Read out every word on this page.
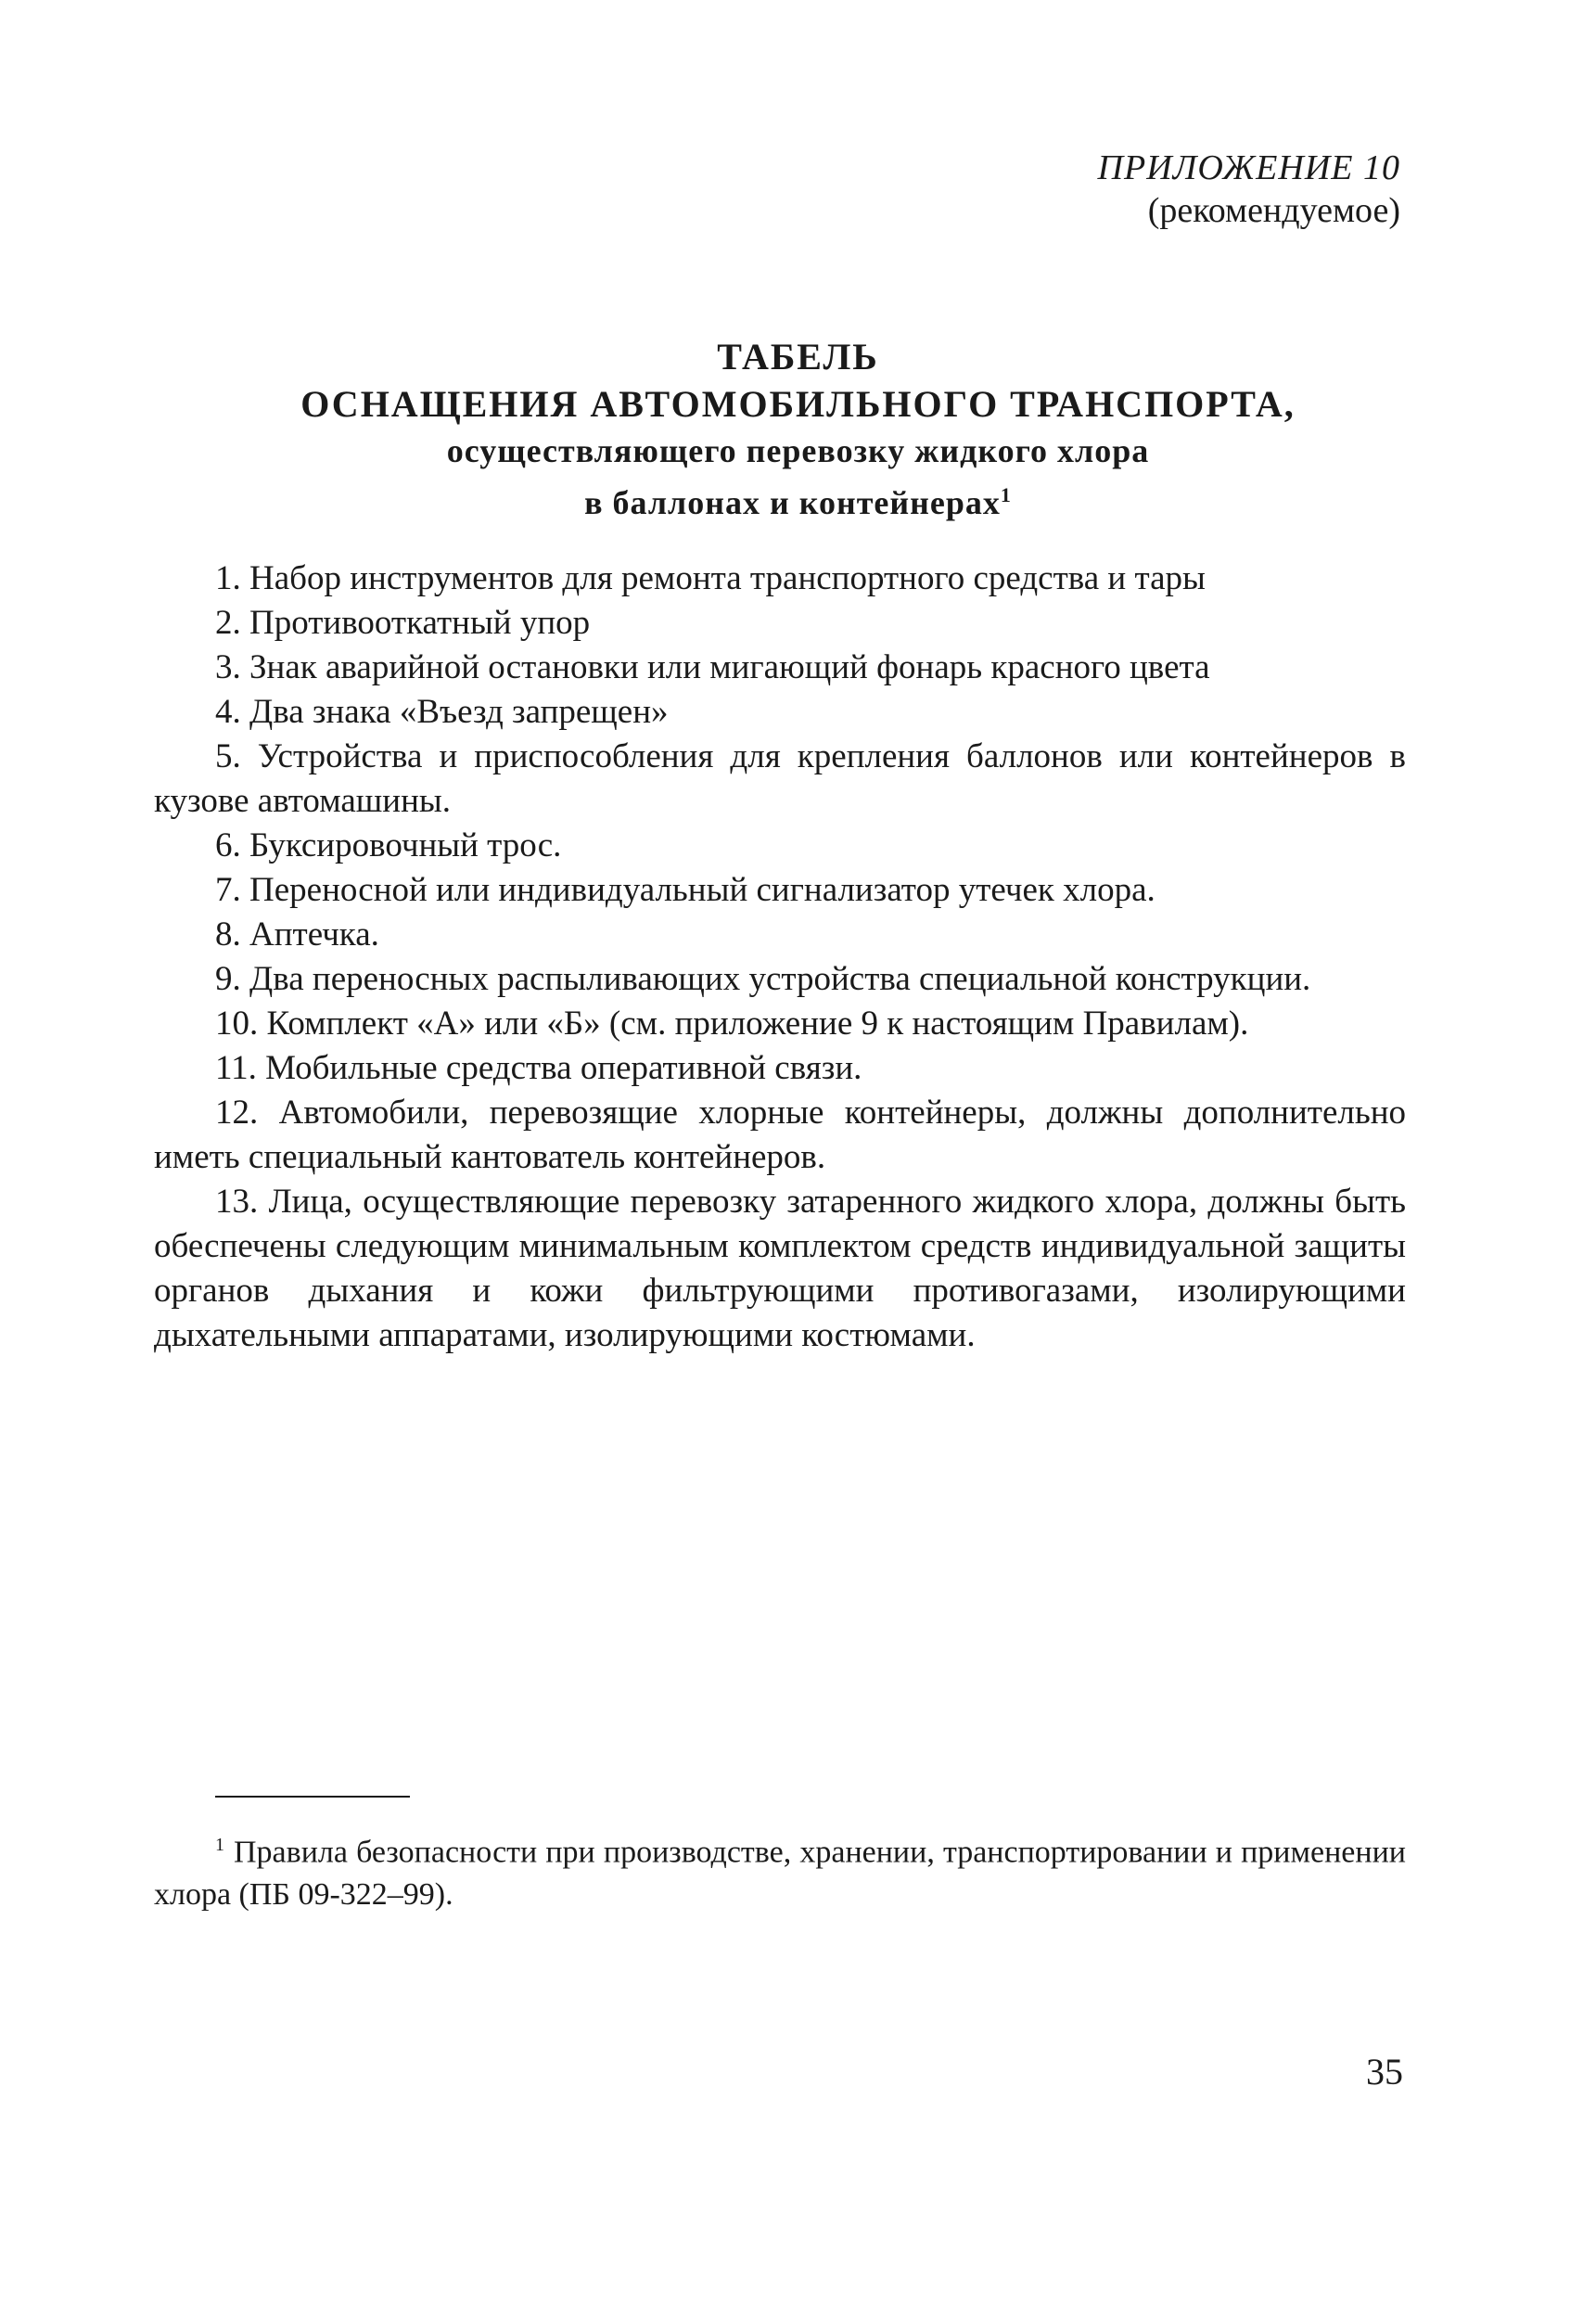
ПРИЛОЖЕНИЕ 10
(рекомендуемое)
ТАБЕЛЬ
ОСНАЩЕНИЯ АВТОМОБИЛЬНОГО ТРАНСПОРТА,
осуществляющего перевозку жидкого хлора
в баллонах и контейнерах$^1$

1. Набор инструментов для ремонта транспортного средства и тары

2. Противооткатный упор

3. Знак аварийной остановки или мигающий фонарь красного цвета

4. Два знака «Въезд запрещен»

5. Устройства и приспособления для крепления баллонов или контейнеров в кузове автомашины.

6. Буксировочный трос.

7. Переносной или индивидуальный сигнализатор утечек хлора.

8. Аптечка.

9. Два переносных распыливающих устройства специальной конструкции.

10. Комплект «А» или «Б» (см. приложение 9 к настоящим Правилам).

11. Мобильные средства оперативной связи.

12. Автомобили, перевозящие хлорные контейнеры, должны дополнительно иметь специальный кантователь контейнеров.

13. Лица, осуществляющие перевозку затаренного жидкого хлора, должны быть обеспечены следующим минимальным комплектом средств индивидуальной защиты органов дыхания и кожи фильтрующими противогазами, изолирующими дыхательными аппаратами, изолирующими костюмами.

$^1$ Правила безопасности при производстве, хранении, транспортировании и применении хлора (ПБ 09-322–99).
35
